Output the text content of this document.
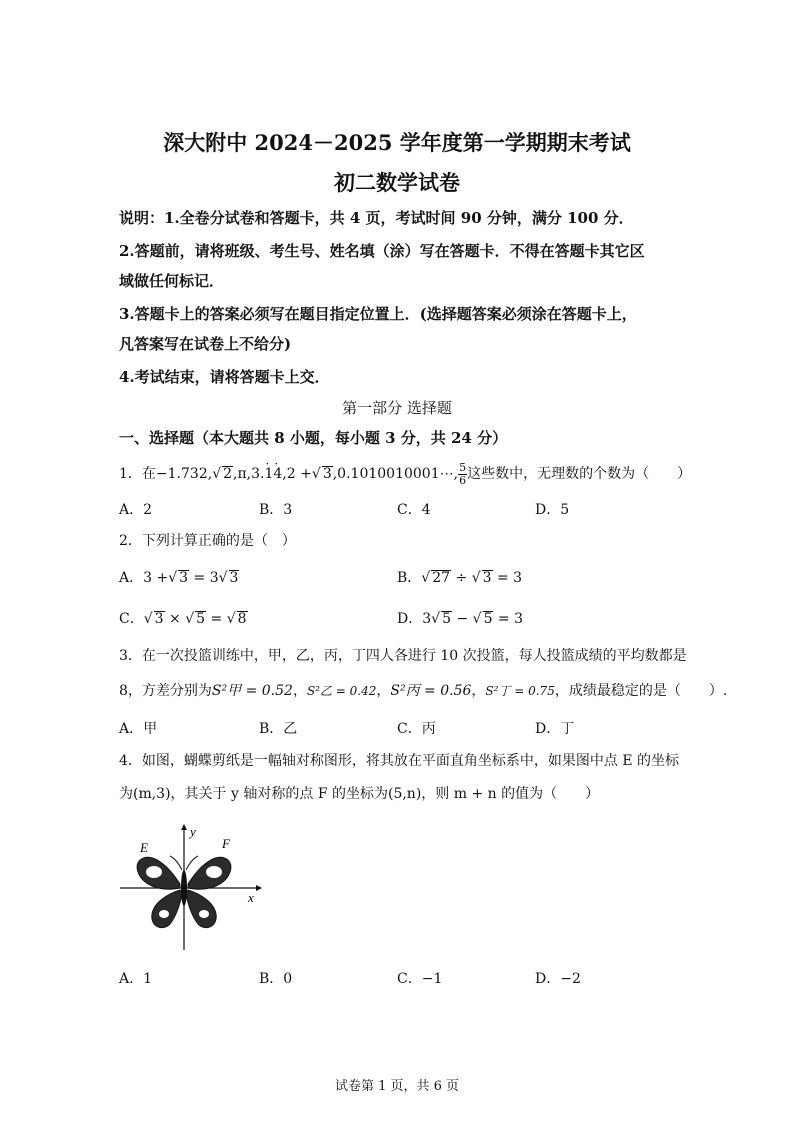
深大附中 2024－2025 学年度第一学期期末考试
初二数学试卷
说明：1.全卷分试卷和答题卡，共 4 页，考试时间 90 分钟，满分 100 分．
2.答题前，请将班级、考生号、姓名填（涂）写在答题卡．不得在答题卡其它区
域做任何标记．
3.答题卡上的答案必须写在题目指定位置上．(选择题答案必须涂在答题卡上，
凡答案写在试卷上不给分)
4.考试结束，请将答题卡上交．
第一部分 选择题
一、选择题（本大题共 8 小题，每小题 3 分，共 24 分）
1．在−1.732,√ 2,π,3.· 1· 4,2 +√ 3,0.1010010001⋯, $\frac{5}{6}$ 这些数中，无理数的个数为（　　）
A．2	B．3	C．4	D．5
2．下列计算正确的是（　）
A．3 +√ 3 = 3√ 3	B．√ 27 ÷ √ 3 = 3
C．√ 3 × √ 5 = √ 8	D．3√ 5 − √ 5 = 3
3．在一次投篮训练中，甲，乙，丙，丁四人各进行 10 次投篮，每人投篮成绩的平均数都是
8，方差分别为S²甲 = 0.52，S²乙 = 0.42，S²丙 = 0.56，S²丁 = 0.75，成绩最稳定的是（　　）.
A．甲	B．乙	C．丙	D．丁
4．如图，蝴蝶剪纸是一幅轴对称图形，将其放在平面直角坐标系中，如果图中点 E 的坐标
为(m,3)，其关于 y 轴对称的点 F 的坐标为(5,n)，则 m + n 的值为（　　）
y
x
E	F
A．1	B．0	C．−1	D．−2
试卷第 1 页，共 6 页
